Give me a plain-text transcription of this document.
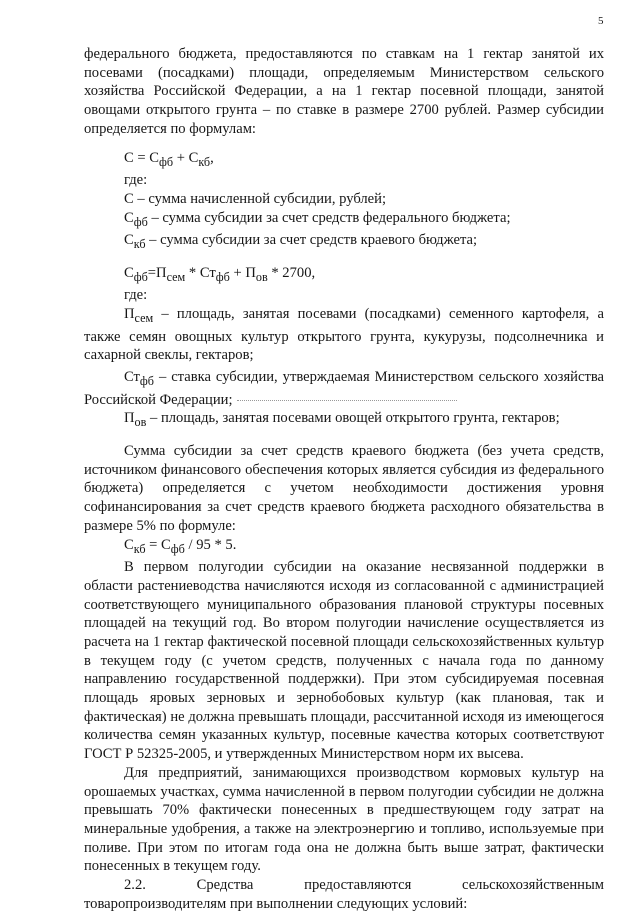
5

федерального бюджета, предоставляются по ставкам на 1 гектар занятой их посевами (посадками) площади, определяемым Министерством сельского хозяйства Российской Федерации, а на 1 гектар посевной площади, занятой овощами открытого грунта – по ставке в размере 2700 рублей. Размер субсидии определяется по формулам:

$С = С_{фб} + С_{кб}$,

где:

С – сумма начисленной субсидии, рублей;

$С_{фб}$ – сумма субсидии за счет средств федерального бюджета;

$С_{кб}$ – сумма субсидии за счет средств краевого бюджета;

$С_{фб}=П_{сем} * Ст_{фб} + П_{ов} * 2700$,

где:

$П_{сем}$ – площадь, занятая посевами (посадками) семенного картофеля, а также семян овощных культур открытого грунта, кукурузы, подсолнечника и сахарной свеклы, гектаров;

$Ст_{фб}$ – ставка субсидии, утверждаемая Министерством сельского хозяйства Российской Федерации;

$П_{ов}$ – площадь, занятая посевами овощей открытого грунта, гектаров;

Сумма субсидии за счет средств краевого бюджета (без учета средств, источником финансового обеспечения которых является субсидия из федерального бюджета) определяется с учетом необходимости достижения уровня софинансирования за счет средств краевого бюджета расходного обязательства в размере 5% по формуле:

$С_{кб} = С_{фб} / 95 * 5$.

В первом полугодии субсидии на оказание несвязанной поддержки в области растениеводства начисляются исходя из согласованной с администрацией соответствующего муниципального образования плановой структуры посевных площадей на текущий год. Во втором полугодии начисление осуществляется из расчета на 1 гектар фактической посевной площади сельскохозяйственных культур в текущем году (с учетом средств, полученных с начала года по данному направлению государственной поддержки). При этом субсидируемая посевная площадь яровых зерновых и зернобобовых культур (как плановая, так и фактическая) не должна превышать площади, рассчитанной исходя из имеющегося количества семян указанных культур, посевные качества которых соответствуют ГОСТ Р 52325-2005, и утвержденных Министерством норм их высева.

Для предприятий, занимающихся производством кормовых культур на орошаемых участках, сумма начисленной в первом полугодии субсидии не должна превышать 70% фактически понесенных в предшествующем году затрат на минеральные удобрения, а также на электроэнергию и топливо, используемые при поливе. При этом по итогам года она не должна быть выше затрат, фактически понесенных в текущем году.

2.2. Средства предоставляются сельскохозяйственным товаропроизводителям при выполнении следующих условий:
